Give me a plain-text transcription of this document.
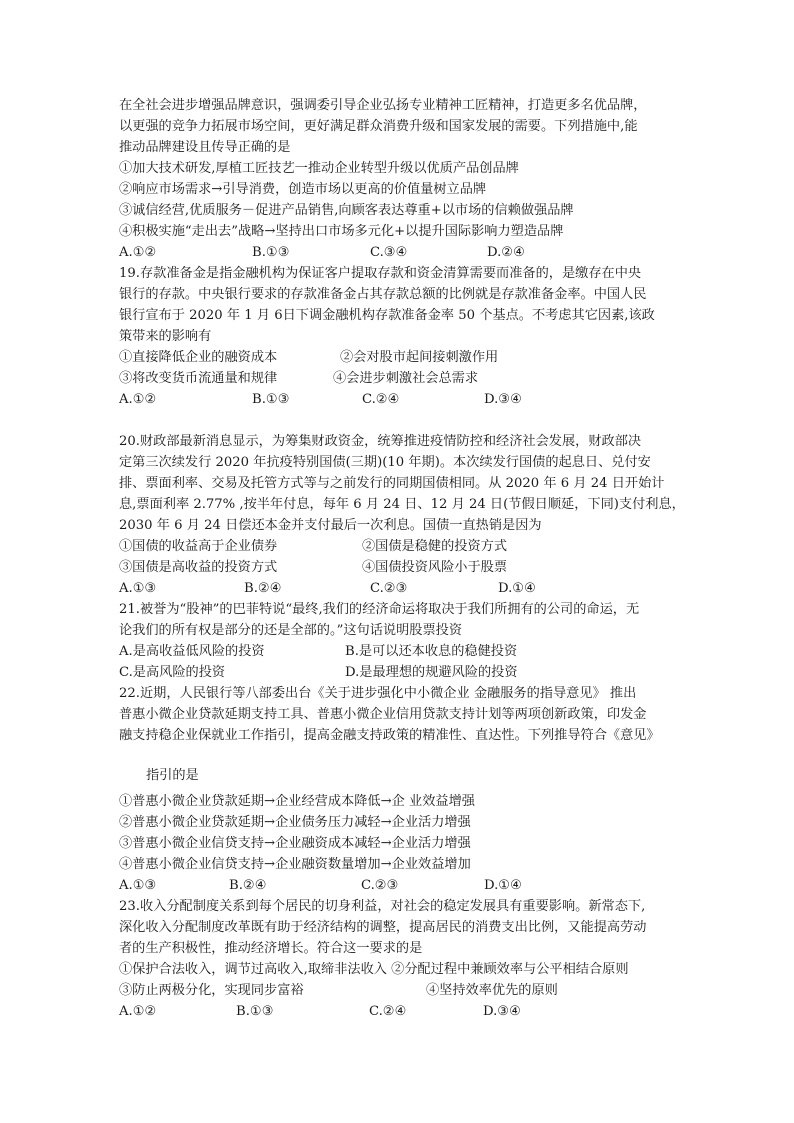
在全社会进步增强品牌意识，强调委引导企业弘扬专业精神工匠精神，打造更多名优品牌，
以更强的竞争力拓展市场空间，更好满足群众消费升级和国家发展的需要。下列措施中,能
推动品牌建设且传导正确的是
①加大技术研发,厚植工匠技艺一推动企业转型升级以优质产品创品牌
②响应市场需求→引导消费，创造市场以更高的价值量树立品牌
③诚信经营,优质服务－促进产品销售,向顾客表达尊重+以市场的信赖做强品牌
④积极实施“走出去”战略→坚持出口市场多元化+以提升国际影响力塑造品牌
A.①②	B.①③	C.③④	D.②④
19.存款准备金是指金融机构为保证客户提取存款和资金清算需要而准备的，是缴存在中央
银行的存款。中央银行要求的存款准备金占其存款总额的比例就是存款准备金率。中国人民
银行宣布于 2020 年 1 月 6日下调金融机构存款准备金率 50 个基点。不考虑其它因素,该政
策带来的影响有
①直接降低企业的融资成本	②会对股市起间接刺激作用
③将改变货币流通量和规律	④会进步刺激社会总需求
A.①②	B.①③	C.②④	D.③④
20.财政部最新消息显示，为筹集财政资金，统筹推进疫情防控和经济社会发展，财政部决
定第三次续发行 2020 年抗疫特别国债(三期)(10 年期)。本次续发行国债的起息日、兑付安
排、票面利率、交易及托管方式等与之前发行的同期国债相同。从 2020 年 6 月 24 日开始计
息,票面利率 2.77% ,按半年付息，每年 6 月 24 日、12 月 24 日(节假日顺延，下同)支付利息，
2030 年 6 月 24 日偿还本金并支付最后一次利息。国债一直热销是因为
①国债的收益高于企业债券	②国债是稳健的投资方式
③国债是高收益的投资方式	④国债投资风险小于股票
A.①③	B.②④	C.②③	D.①④
21.被誉为“股神”的巴菲特说“最终,我们的经济命运将取决于我们所拥有的公司的命运，无
论我们的所有权是部分的还是全部的。”这句话说明股票投资
A.是高收益低风险的投资	B.是可以还本收息的稳健投资
C.是高风险的投资	D.是最理想的规避风险的投资
22.近期，人民银行等八部委出台《关于进步强化中小微企业 金融服务的指导意见》 推出
普惠小微企业贷款延期支持工具、普惠小微企业信用贷款支持计划等两项创新政策，印发金
融支持稳企业保就业工作指引，提高金融支持政策的精准性、直达性。下列推导符合《意见》
指引的是
①普惠小微企业贷款延期→企业经营成本降低→企 业效益增强
②普惠小微企业贷款延期→企业债务压力减轻→企业活力增强
③普惠小微企业信贷支持→企业融资成本减轻→企业活力增强
④普惠小微企业信贷支持→企业融资数量增加→企业效益增加
A.①③	B.②④	C.②③	D.①④
23.收入分配制度关系到每个居民的切身利益，对社会的稳定发展具有重要影响。新常态下,
深化收入分配制度改革既有助于经济结构的调整，提高居民的消费支出比例，又能提高劳动
者的生产积极性，推动经济增长。符合这一要求的是
①保护合法收入，调节过高收入,取缔非法收入 ②分配过程中兼顾效率与公平相结合原则
③防止两极分化，实现同步富裕	④坚持效率优先的原则
A.①②	B.①③	C.②④	D.③④
